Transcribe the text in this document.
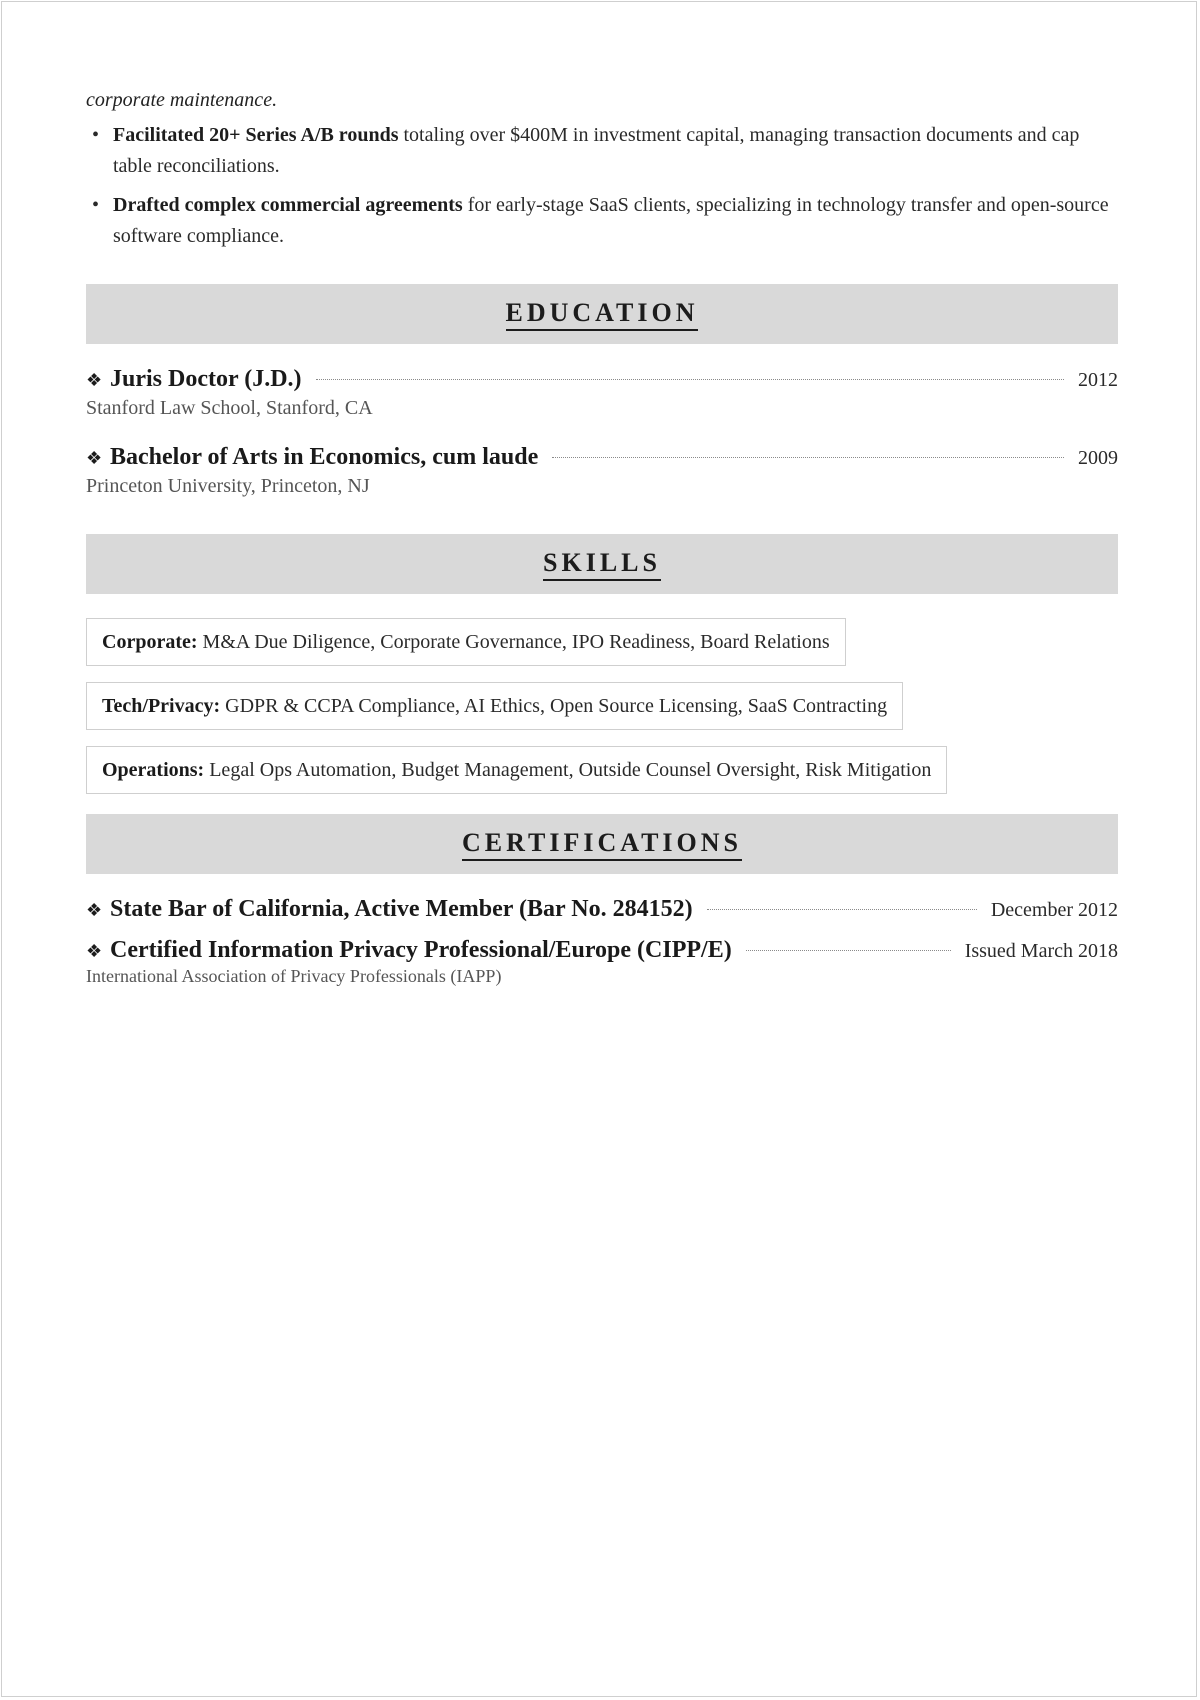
corporate maintenance.

• Facilitated 20+ Series A/B rounds totaling over $400M in investment capital, managing transaction documents and cap table reconciliations.
• Drafted complex commercial agreements for early-stage SaaS clients, specializing in technology transfer and open-source software compliance.
EDUCATION
❖ Juris Doctor (J.D.)	2012
Stanford Law School, Stanford, CA
❖ Bachelor of Arts in Economics, cum laude	2009
Princeton University, Princeton, NJ
SKILLS
Corporate: M&A Due Diligence, Corporate Governance, IPO Readiness, Board Relations
Tech/Privacy: GDPR & CCPA Compliance, AI Ethics, Open Source Licensing, SaaS Contracting
Operations: Legal Ops Automation, Budget Management, Outside Counsel Oversight, Risk Mitigation
CERTIFICATIONS
❖ State Bar of California, Active Member (Bar No. 284152)	December 2012
❖ Certified Information Privacy Professional/Europe (CIPP/E)	Issued March 2018
International Association of Privacy Professionals (IAPP)
